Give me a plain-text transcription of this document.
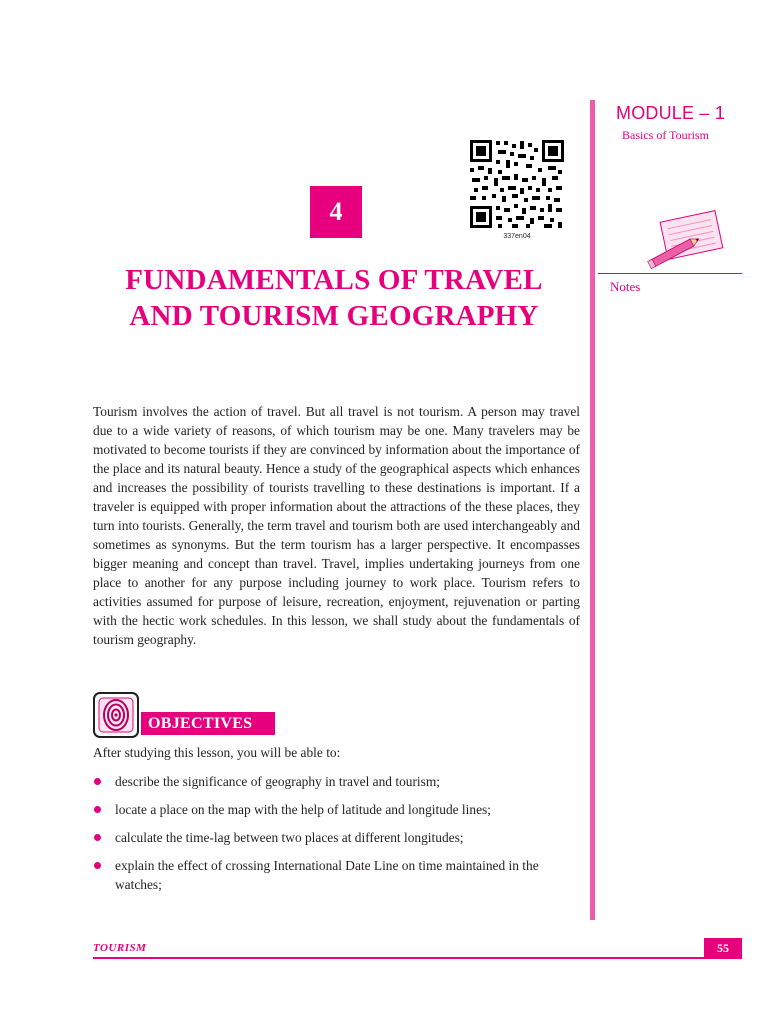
MODULE – 1
Basics of Tourism
Notes
337en04
4
FUNDAMENTALS OF TRAVEL
AND TOURISM GEOGRAPHY

Tourism involves the action of travel. But all travel is not tourism. A person may travel due to a wide variety of reasons, of which tourism may be one. Many travelers may be motivated to become tourists if they are convinced by information about the importance of the place and its natural beauty. Hence a study of the geographical aspects which enhances and increases the possibility of tourists travelling to these destinations is important. If a traveler is equipped with proper information about the attractions of the these places, they turn into tourists. Generally, the term travel and tourism both are used interchangeably and sometimes as synonyms. But the term tourism has a larger perspective. It encompasses bigger meaning and concept than travel. Travel, implies undertaking journeys from one place to another for any purpose including journey to work place. Tourism refers to activities assumed for purpose of leisure, recreation, enjoyment, rejuvenation or parting with the hectic work schedules. In this lesson, we shall study about the fundamentals of tourism geography.

OBJECTIVES

After studying this lesson, you will be able to:

describe the significance of geography in travel and tourism;
locate a place on the map with the help of latitude and longitude lines;
calculate the time-lag between two places at different longitudes;
explain the effect of crossing International Date Line on time maintained in the watches;
TOURISM	55
